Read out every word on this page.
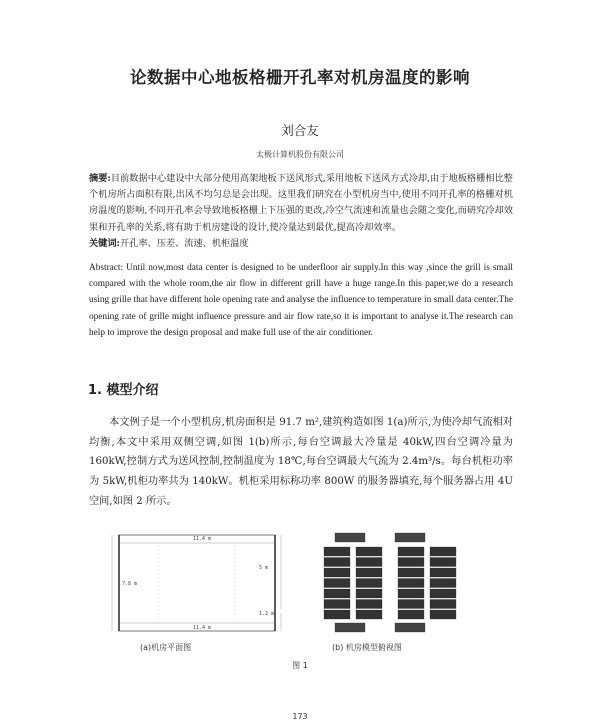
论数据中心地板格栅开孔率对机房温度的影响
刘合友
太极计算机股份有限公司
摘要:目前数据中心建设中大部分使用高架地板下送风形式,采用地板下送风方式冷却,由于地板格栅相比整个机房所占面积有限,出风不均匀总是会出现。这里我们研究在小型机房当中,使用不同开孔率的格栅对机房温度的影响,不同开孔率会导致地板格栅上下压强的更改,冷空气流速和流量也会随之变化,而研究冷却效果和开孔率的关系,将有助于机房建设的设计,使冷量达到最优,提高冷却效率。
关键词:开孔率、压差、流速、机柜温度
Abstract: Until now,most data center is designed to be underfloor air supply.In this way ,since the grill is small compared with the whole room,the air flow in different grill have a huge range.In this paper,we do a research using grille that have different hole opening rate and analyse the influence to temperature in small data center.The opening rate of grille might influence pressure and air flow rate,so it is important to analyse it.The research can help to improve the design proposal and make full use of the air conditioner.
1. 模型介绍
本文例子是一个小型机房,机房面积是 91.7 m²,建筑构造如图 1(a)所示,为使冷却气流相对均衡,本文中采用双侧空调,如图 1(b)所示,每台空调最大冷量是 40kW,四台空调冷量为 160kW,控制方式为送风控制,控制温度为 18℃,每台空调最大气流为 2.4m³/s。每台机柜功率为 5kW,机柜功率共为 140kW。机柜采用标称功率 800W 的服务器填充,每个服务器占用 4U 空间,如图 2 所示。
11.4 m
11.4 m
7.8 m
5 m
1.2 m
(a)机房平面图	(b) 机房模型俯视图
图 1
173
